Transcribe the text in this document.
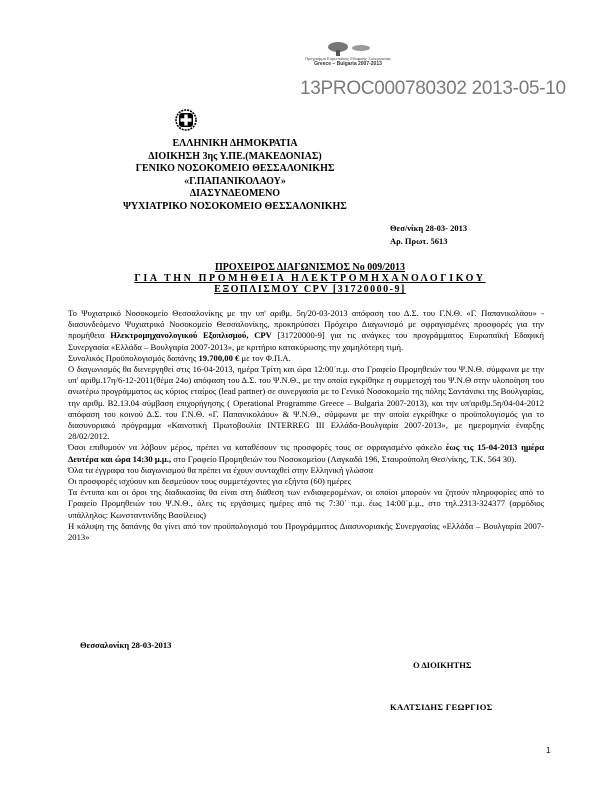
Πρόγραμμα Ευρωπαϊκής Εδαφικής Συνεργασίας
Greece – Bulgaria 2007-2013
13PROC000780302 2013-05-10
ΕΛΛΗΝΙΚΗ ΔΗΜΟΚΡΑΤΙΑ
ΔΙΟΙΚΗΣΗ 3ης Υ.ΠΕ.(ΜΑΚΕΔΟΝΙΑΣ)
ΓΕΝΙΚΟ ΝΟΣΟΚΟΜΕΙΟ ΘΕΣΣΑΛΟΝΙΚΗΣ
«Γ.ΠΑΠΑΝΙΚΟΛΑΟΥ»
ΔΙΑΣΥΝΔΕΟΜΕΝΟ
ΨΥΧΙΑΤΡΙΚΟ ΝΟΣΟΚΟΜΕΙΟ ΘΕΣΣΑΛΟΝΙΚΗΣ
Θεσ/νίκη 28-03- 2013
Αρ. Πρωτ. 5613
ΠΡΟΧΕΙΡΟΣ ΔΙΑΓΩΝΙΣΜΟΣ Νο 009/2013
ΓΙΑ ΤΗΝ ΠΡΟΜΗΘΕΙΑ ΗΛΕΚΤΡΟΜΗΧΑΝΟΛΟΓΙΚΟΥ
ΕΞΟΠΛΙΣΜΟΥ CPV [31720000-9]

Το Ψυχιατρικό Νοσοκομείο Θεσσαλονίκης με την υπ' αριθμ. 5η/20-03-2013 απόφαση του Δ.Σ. του Γ.Ν.Θ. «Γ. Παπανικολάου» - διασυνδεόμενο Ψυχιατρικό Νοσοκομείο Θεσσαλονίκης, προκηρύσσει Πρόχειρο Διαγωνισμό με σφραγισμένες προσφορές για την προμήθεια Ηλεκτρομηχανολογικού Εξοπλισμού, CPV [31720000-9] για τις ανάγκες του προγράμματος Ευρωπαϊκή Εδαφική Συνεργασία «Ελλάδα – Βουλγαρία 2007-2013», με κριτήριο κατακύρωσης την χαμηλότερη τιμή.

Συνολικός Προϋπολογισμός δαπάνης 19.700,00 € με τον Φ.Π.Α.

Ο διαγωνισμός θα διενεργηθεί στις 16-04-2013, ημέρα Τρίτη και ώρα 12:00΄π.μ. στο Γραφείο Προμηθειών του Ψ.Ν.Θ. σύμφωνα με την υπ' αριθμ.17η/6-12-2011(θέμα 24ο) απόφαση του Δ.Σ. του Ψ.Ν.Θ., με την οποία εγκρίθηκε η συμμετοχή του Ψ.Ν.Θ στην υλοποίηση του ανωτέρω προγράμματος ως κύριος εταίρος (lead partner) σε συνεργασία με το Γενικό Νοσοκομείο της πόλης Σαντάνσκι της Βουλγαρίας, την αριθμ. B2.13.04 σύμβαση επιχορήγησης ( Operational Programme Greece – Bulgaria 2007-2013), και την υπ'αριθμ.5η/04-04-2012 απόφαση του κοινού Δ.Σ. του Γ.Ν.Θ. «Γ. Παπανικολάου» & Ψ.Ν.Θ., σύμφωνα με την οποία εγκρίθηκε ο προϋπολογισμός για το διασυνοριακό πρόγραμμα «Καινοτική Πρωτοβουλία INTERREG III Ελλάδα-Βουλγαρία 2007-2013», με ημερομηνία έναρξης 28/02/2012.

Όσοι επιθυμούν να λάβουν μέρος, πρέπει να καταθέσουν τις προσφορές τους σε σφραγισμένο φάκελο έως τις 15-04-2013 ημέρα Δευτέρα και ώρα 14:30 μ.μ., στο Γραφείο Προμηθειών του Νοσοκομείου (Λαγκαδά 196, Σταυρούπολη Θεσ/νίκης, Τ.Κ. 564 30).

Όλα τα έγγραφα του διαγωνισμού θα πρέπει να έχουν συνταχθεί στην Ελληνική γλώσσα

Οι προσφορές ισχύουν και δεσμεύουν τους συμμετέχοντες για εξήντα (60) ημέρες

Τα έντυπα και οι όροι της διαδικασίας θα είναι στη διάθεση των ενδιαφερομένων, οι οποίοι μπορούν να ζητούν πληροφορίες από το Γραφείο Προμηθειών του Ψ.Ν.Θ., όλες τις εργάσιμες ημέρες από τις 7:30΄ π.μ. έως 14:00΄μ.μ., στο τηλ.2313-324377 (αρμόδιος υπάλληλος: Κωνσταντινίδης Βασίλειος)

Η κάλυψη της δαπάνης θα γίνει από τον προϋπολογισμό του Προγράμματος Διασυνοριακής Συνεργασίας «Ελλάδα – Βουλγαρία 2007- 2013»

Θεσσαλονίκη 28-03-2013
Ο ΔΙΟΙΚΗΤΗΣ
ΚΑΛΤΣΙΔΗΣ ΓΕΩΡΓΙΟΣ
1
